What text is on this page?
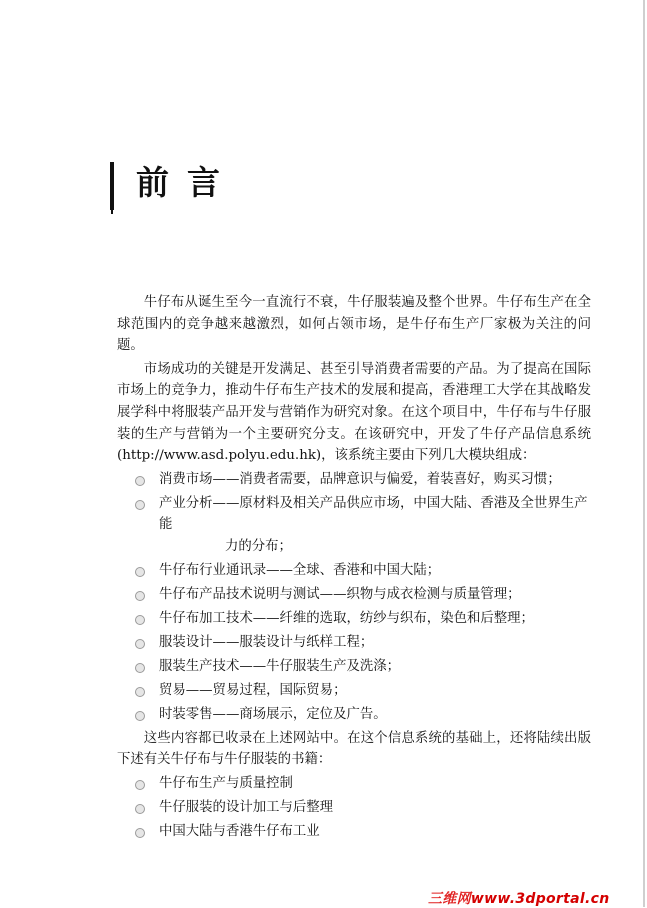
前言

牛仔布从诞生至今一直流行不衰，牛仔服装遍及整个世界。牛仔布生产在全球范围内的竞争越来越激烈，如何占领市场，是牛仔布生产厂家极为关注的问题。

市场成功的关键是开发满足、甚至引导消费者需要的产品。为了提高在国际市场上的竞争力，推动牛仔布生产技术的发展和提高，香港理工大学在其战略发展学科中将服装产品开发与营销作为研究对象。在这个项目中，牛仔布与牛仔服装的生产与营销为一个主要研究分支。在该研究中，开发了牛仔产品信息系统(http://www.asd.polyu.edu.hk)，该系统主要由下列几大模块组成：

消费市场——消费者需要，品牌意识与偏爱，着装喜好，购买习惯；
产业分析——原材料及相关产品供应市场，中国大陆、香港及全世界生产能
力的分布；
牛仔布行业通讯录——全球、香港和中国大陆；
牛仔布产品技术说明与测试——织物与成衣检测与质量管理；
牛仔布加工技术——纤维的选取，纺纱与织布，染色和后整理；
服装设计——服装设计与纸样工程；
服装生产技术——牛仔服装生产及洗涤；
贸易——贸易过程，国际贸易；
时装零售——商场展示，定位及广告。

这些内容都已收录在上述网站中。在这个信息系统的基础上，还将陆续出版下述有关牛仔布与牛仔服装的书籍：

牛仔布生产与质量控制
牛仔服装的设计加工与后整理
中国大陆与香港牛仔布工业
三维网www.3dportal.cn
